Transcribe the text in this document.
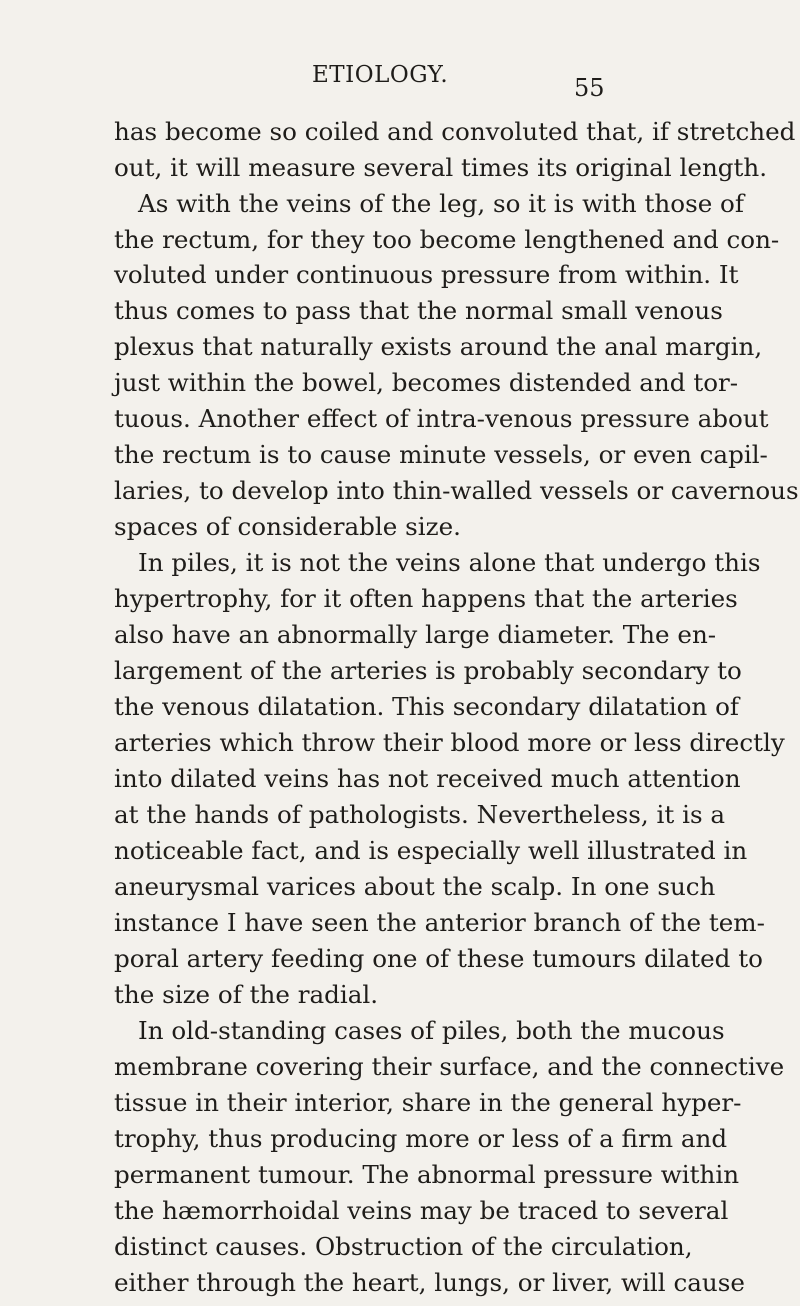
ETIOLOGY.	55
has become so coiled and convoluted that, if stretched
out, it will measure several times its original length.
As with the veins of the leg, so it is with those of
the rectum, for they too become lengthened and con-
voluted under continuous pressure from within. It
thus comes to pass that the normal small venous
plexus that naturally exists around the anal margin,
just within the bowel, becomes distended and tor-
tuous. Another effect of intra-venous pressure about
the rectum is to cause minute vessels, or even capil-
laries, to develop into thin-walled vessels or cavernous
spaces of considerable size.
In piles, it is not the veins alone that undergo this
hypertrophy, for it often happens that the arteries
also have an abnormally large diameter. The en-
largement of the arteries is probably secondary to
the venous dilatation. This secondary dilatation of
arteries which throw their blood more or less directly
into dilated veins has not received much attention
at the hands of pathologists. Nevertheless, it is a
noticeable fact, and is especially well illustrated in
aneurysmal varices about the scalp. In one such
instance I have seen the anterior branch of the tem-
poral artery feeding one of these tumours dilated to
the size of the radial.
In old-standing cases of piles, both the mucous
membrane covering their surface, and the connective
tissue in their interior, share in the general hyper-
trophy, thus producing more or less of a firm and
permanent tumour. The abnormal pressure within
the hæmorrhoidal veins may be traced to several
distinct causes. Obstruction of the circulation,
either through the heart, lungs, or liver, will cause
